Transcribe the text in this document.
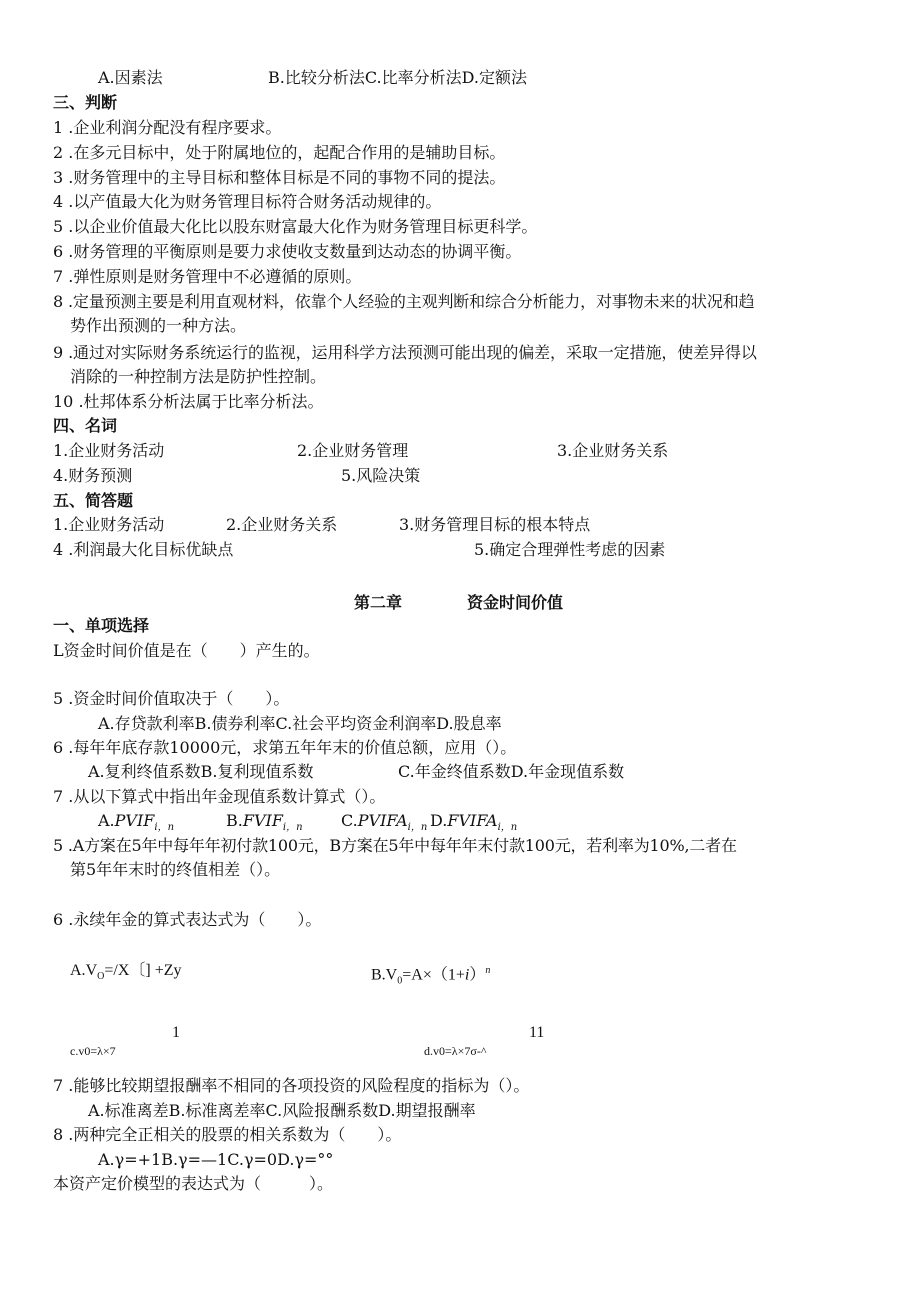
A.因素法	B.比较分析法C.比率分析法D.定额法
三、判断
1 .企业利润分配没有程序要求。
2 .在多元目标中，处于附属地位的，起配合作用的是辅助目标。
3 .财务管理中的主导目标和整体目标是不同的事物不同的提法。
4 .以产值最大化为财务管理目标符合财务活动规律的。
5 .以企业价值最大化比以股东财富最大化作为财务管理目标更科学。
6 .财务管理的平衡原则是要力求使收支数量到达动态的协调平衡。
7 .弹性原则是财务管理中不必遵循的原则。
8 .定量预测主要是利用直观材料，依靠个人经验的主观判断和综合分析能力，对事物未来的状况和趋
势作出预测的一种方法。
9 .通过对实际财务系统运行的监视，运用科学方法预测可能出现的偏差，采取一定措施，使差异得以
消除的一种控制方法是防护性控制。
10 .杜邦体系分析法属于比率分析法。
四、名词
1.企业财务活动	2.企业财务管理	3.企业财务关系
4.财务预测	5.风险决策
五、简答题
1.企业财务活动	2.企业财务关系	3.财务管理目标的根本特点
4 .利润最大化目标优缺点	5.确定合理弹性考虑的因素
第二章	资金时间价值
一、单项选择
L资金时间价值是在（　　）产生的。
5 .资金时间价值取决于（　　）。
A.存贷款利率B.债券利率C.社会平均资金利润率D.股息率
6 .每年年底存款10000元，求第五年年末的价值总额，应用（）。
A.复利终值系数B.复利现值系数	C.年金终值系数D.年金现值系数
7 .从以下算式中指出年金现值系数计算式（）。
$A.PVIF_{i,n}$	$B.FVIF_{i,n}$ $C.PVIFA_{i,n}$ $D.FVIFA_{i,n}$
5 .A方案在5年中每年年初付款100元，B方案在5年中每年年末付款100元，若利率为10%,二者在
第5年年末时的终值相差（）。
6 .永续年金的算式表达式为（　　）。
$A.V_O=/X$〔] +Zy	$B.V_0=A\times(1+i)^n$
1
c.v0=λ×7
11
d.v0=λ×7σ-^
7 .能够比较期望报酬率不相同的各项投资的风险程度的指标为（）。
A.标准离差B.标准离差率C.风险报酬系数D.期望报酬率
8 .两种完全正相关的股票的相关系数为（　　）。
A.γ=+1B.γ=—1C.γ=0D.γ=°°
本资产定价模型的表达式为（　　　）。
